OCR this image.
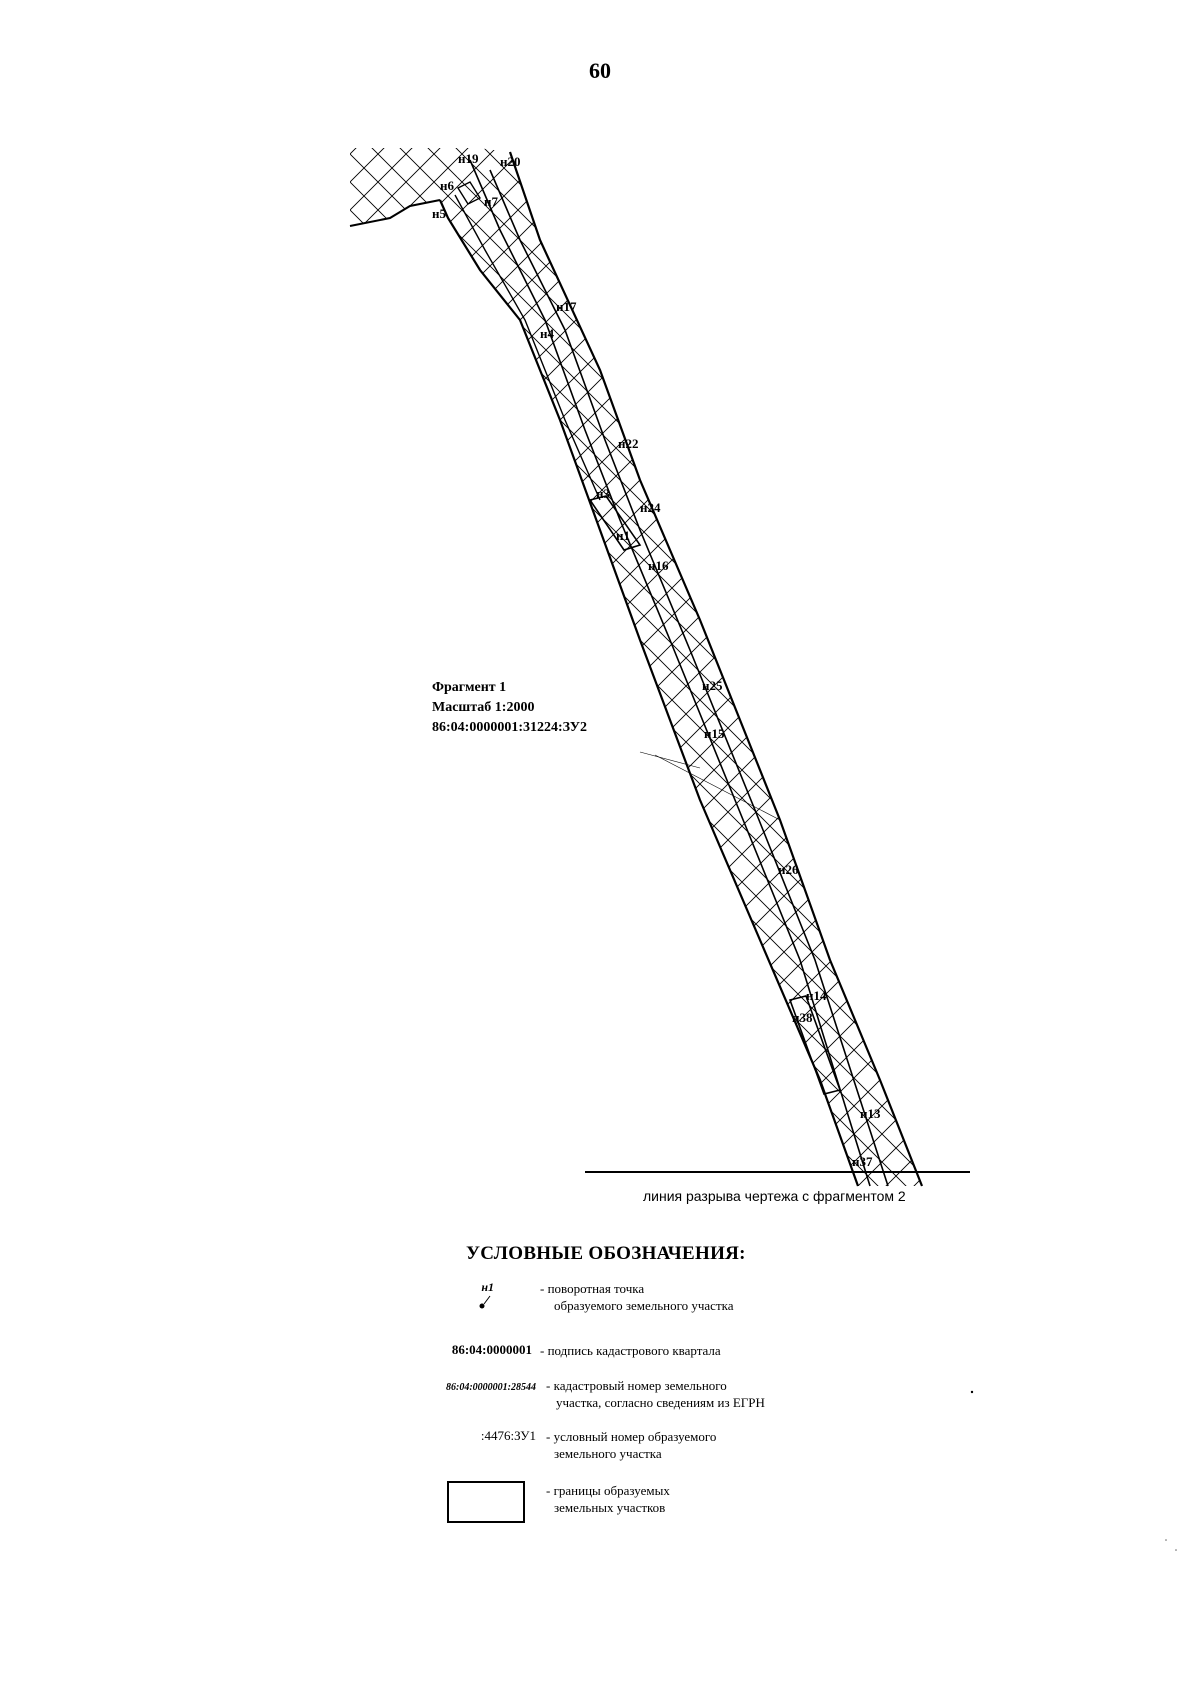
60
н19 н20
н6
н7
н5
н17
н4
н22
н3
н24
н1
н16
н25
н15
н26
н14
н38
н13
н37
Фрагмент 1
Масштаб 1:2000
86:04:0000001:31224:ЗУ2
линия разрыва чертежа с фрагментом 2
УСЛОВНЫЕ ОБОЗНАЧЕНИЯ:
н1	- поворотная точка
образуемого земельного участка
86:04:0000001 - подпись кадастрового квартала
86:04:0000001:28544 - кадастровый номер земельного
участка, согласно сведениям из ЕГРН
:4476:ЗУ1 - условный номер образуемого
земельного участка
- границы образуемых
земельных участков
